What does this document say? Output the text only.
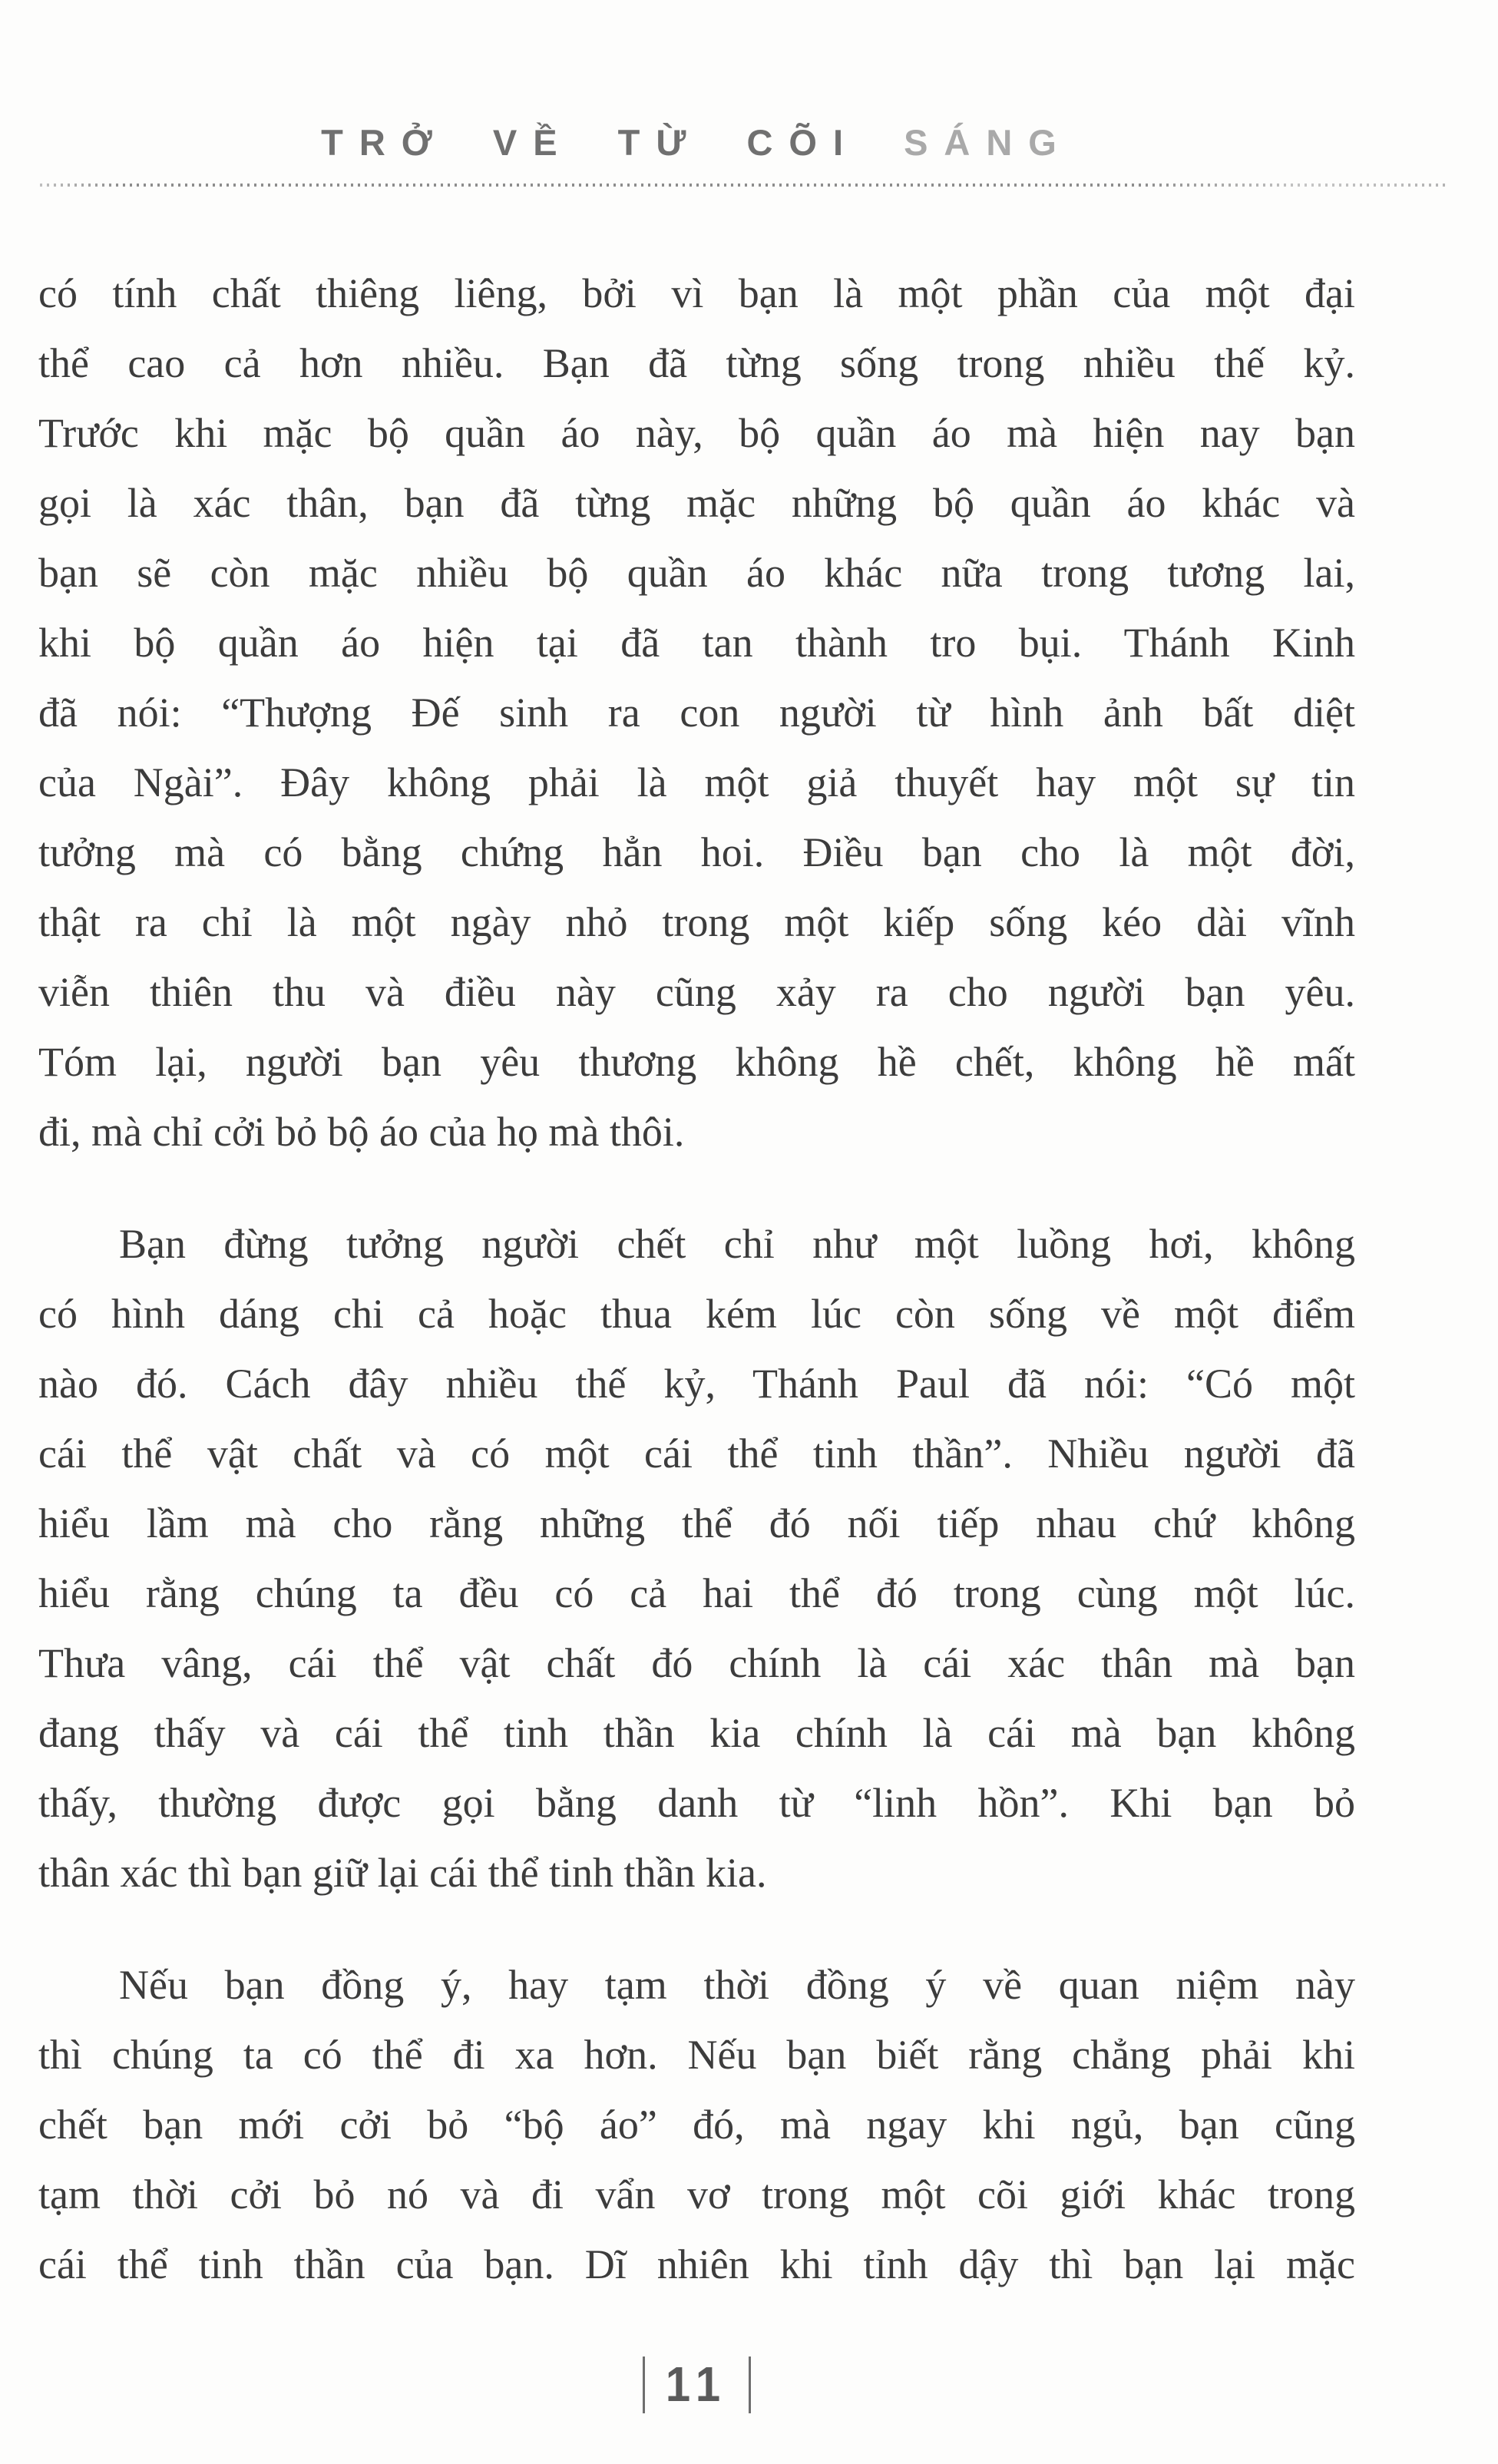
TRỞ VỀ TỪ CÕI SÁNG
có tính chất thiêng liêng, bởi vì bạn là một phần của một đại
thể cao cả hơn nhiều. Bạn đã từng sống trong nhiều thế kỷ.
Trước khi mặc bộ quần áo này, bộ quần áo mà hiện nay bạn
gọi là xác thân, bạn đã từng mặc những bộ quần áo khác và
bạn sẽ còn mặc nhiều bộ quần áo khác nữa trong tương lai,
khi bộ quần áo hiện tại đã tan thành tro bụi. Thánh Kinh
đã nói: “Thượng Đế sinh ra con người từ hình ảnh bất diệt
của Ngài”. Đây không phải là một giả thuyết hay một sự tin
tưởng mà có bằng chứng hẳn hoi. Điều bạn cho là một đời,
thật ra chỉ là một ngày nhỏ trong một kiếp sống kéo dài vĩnh
viễn thiên thu và điều này cũng xảy ra cho người bạn yêu.
Tóm lại, người bạn yêu thương không hề chết, không hề mất
đi, mà chỉ cởi bỏ bộ áo của họ mà thôi.
Bạn đừng tưởng người chết chỉ như một luồng hơi, không
có hình dáng chi cả hoặc thua kém lúc còn sống về một điểm
nào đó. Cách đây nhiều thế kỷ, Thánh Paul đã nói: “Có một
cái thể vật chất và có một cái thể tinh thần”. Nhiều người đã
hiểu lầm mà cho rằng những thể đó nối tiếp nhau chứ không
hiểu rằng chúng ta đều có cả hai thể đó trong cùng một lúc.
Thưa vâng, cái thể vật chất đó chính là cái xác thân mà bạn
đang thấy và cái thể tinh thần kia chính là cái mà bạn không
thấy, thường được gọi bằng danh từ “linh hồn”. Khi bạn bỏ
thân xác thì bạn giữ lại cái thể tinh thần kia.
Nếu bạn đồng ý, hay tạm thời đồng ý về quan niệm này
thì chúng ta có thể đi xa hơn. Nếu bạn biết rằng chẳng phải khi
chết bạn mới cởi bỏ “bộ áo” đó, mà ngay khi ngủ, bạn cũng
tạm thời cởi bỏ nó và đi vẩn vơ trong một cõi giới khác trong
cái thể tinh thần của bạn. Dĩ nhiên khi tỉnh dậy thì bạn lại mặc
11
